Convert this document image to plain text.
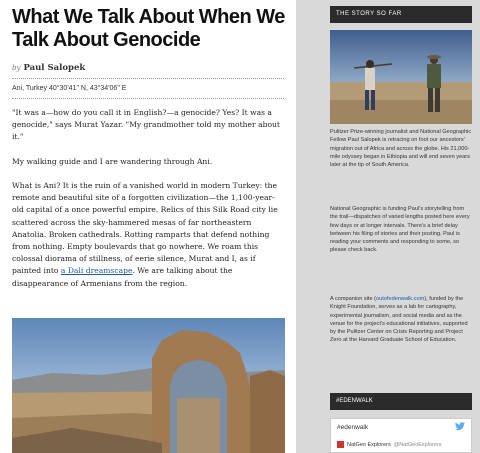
What We Talk About When We Talk About Genocide
by Paul Salopek
Ani, Turkey 40°30'41" N, 43°34'06" E

"It was a—how do you call it in English?—a genocide? Yes? It was a genocide," says Murat Yazar. "My grandmother told my mother about it."

My walking guide and I are wandering through Ani.

What is Ani? It is the ruin of a vanished world in modern Turkey: the remote and beautiful site of a forgotten civilization—the 1,100-year-old capital of a once powerful empire. Relics of this Silk Road city lie scattered across the sky-hammered mesas of far northeastern Anatolia. Broken cathedrals. Rotting ramparts that defend nothing from nothing. Empty boulevards that go nowhere. We roam this colossal diorama of stillness, of eerie silence, Murat and I, as if painted into a Dali dreamscape. We are talking about the disappearance of Armenians from the region.

THE STORY SO FAR

Pulitzer Prize-winning journalist and National Geographic Fellow Paul Salopek is retracing on foot our ancestors' migration out of Africa and across the globe. His 21,000-mile odyssey began in Ethiopia and will end seven years later at the tip of South America.

National Geographic is funding Paul's storytelling from the trail—dispatches of varied lengths posted here every few days or at longer intervals. There's a brief delay between his filing of stories and their posting. Paul is reading your comments and responding to some, so please check back.

A companion site (outofedenwalk.com), funded by the Knight Foundation, serves as a lab for cartography, experimental journalism, and social media and as the venue for the project's educational initiatives, supported by the Pulitzer Center on Crisis Reporting and Project Zero at the Harvard Graduate School of Education.

#EDENWALK
#edenwalk
NatGeo Explorers @NatGeoExplorers
